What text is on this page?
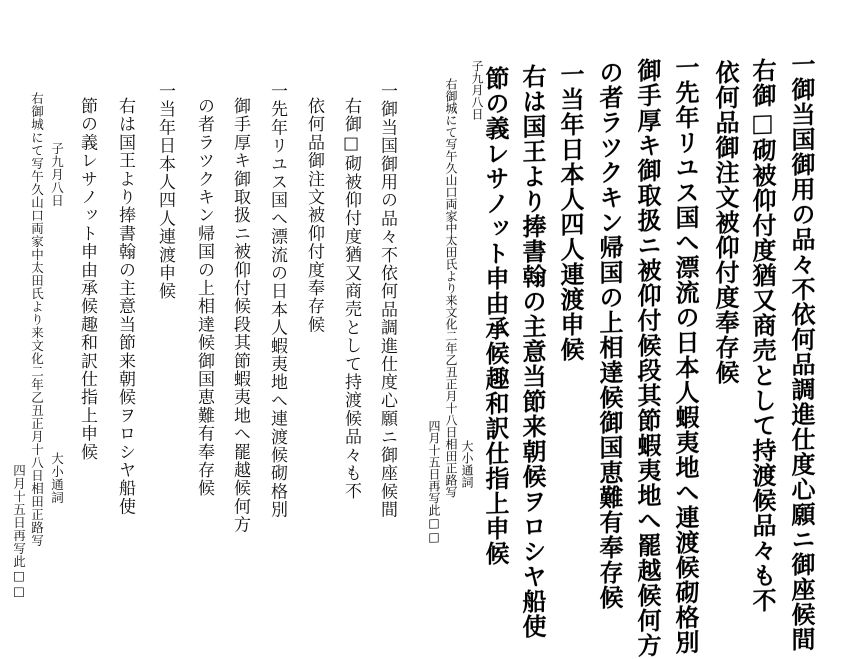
一御当国御用の品々不依何品調進仕度心願ニ御座候間
右御□砌被仰付度猶又商売として持渡候品々も不
依何品御注文被仰付度奉存候
一先年リユス国へ漂流の日本人蝦夷地へ連渡候砌格別
御手厚キ御取扱ニ被仰付候段其節蝦夷地へ罷越候何方
の者ラツクキン帰国の上相達候御国恵難有奉存候
一当年日本人四人連渡申候
右は国王より捧書翰の主意当節来朝候ヲロシヤ船使
節の義レサノット申由承候趣和訳仕指上申候
子九月八日
右御城にて写午久山口両家中太田氏より来文化二年乙丑正月十八日相田正路写 大小通詞
四月十五日再写此□□
一御当国御用の品々不依何品調進仕度心願ニ御座候間
右御□砌被仰付度猶又商売として持渡候品々も不
依何品御注文被仰付度奉存候
一先年リユス国へ漂流の日本人蝦夷地へ連渡候砌格別
御手厚キ御取扱ニ被仰付候段其節蝦夷地へ罷越候何方
の者ラツクキン帰国の上相達候御国恵難有奉存候
一当年日本人四人連渡申候
右は国王より捧書翰の主意当節来朝候ヲロシヤ船使
節の義レサノット申由承候趣和訳仕指上申候
子九月八日
大小通詞
右御城にて写午久山口両家中太田氏より来文化二年乙丑正月十八日相田正路写
四月十五日再写此□□
